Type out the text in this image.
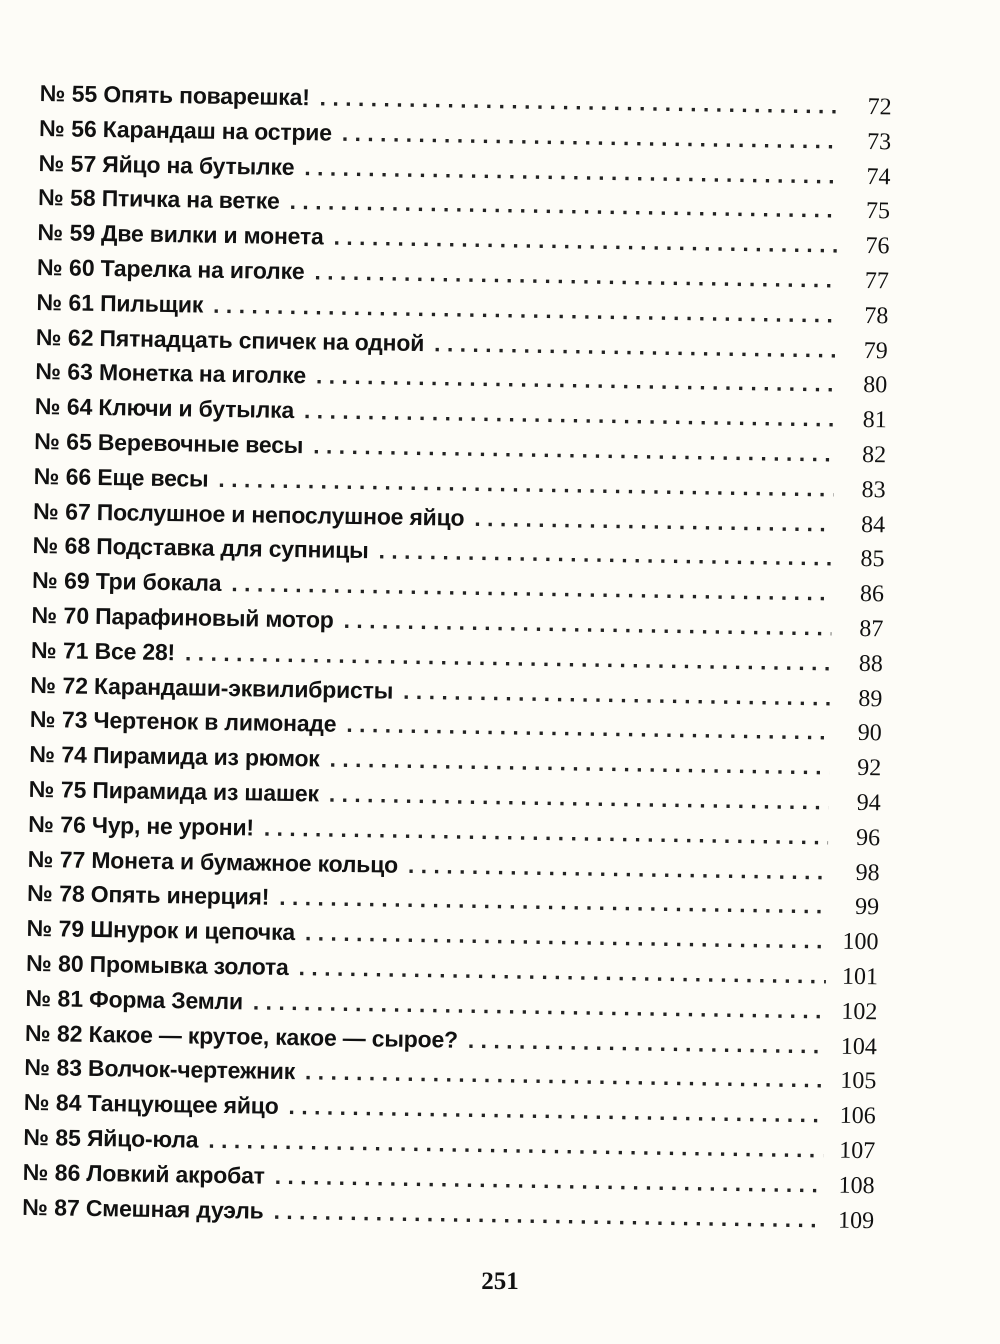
№ 55 Опять поварешка! . . .	72
№ 56 Карандаш на острие . . .	73
№ 57 Яйцо на бутылке . . .	74
№ 58 Птичка на ветке . . .	75
№ 59 Две вилки и монета . . .	76
№ 60 Тарелка на иголке . . .	77
№ 61 Пильщик . . .	78
№ 62 Пятнадцать спичек на одной . . .	79
№ 63 Монетка на иголке . . .	80
№ 64 Ключи и бутылка . . .	81
№ 65 Веревочные весы . . .	82
№ 66 Еще весы . . .	83
№ 67 Послушное и непослушное яйцо . . .	84
№ 68 Подставка для супницы . . .	85
№ 69 Три бокала . . .	86
№ 70 Парафиновый мотор . . .	87
№ 71 Все 28! . . .	88
№ 72 Карандаши-эквилибристы . . .	89
№ 73 Чертенок в лимонаде . . .	90
№ 74 Пирамида из рюмок . . .	92
№ 75 Пирамида из шашек . . .	94
№ 76 Чур, не урони! . . .	96
№ 77 Монета и бумажное кольцо . . .	98
№ 78 Опять инерция! . . .	99
№ 79 Шнурок и цепочка . . .	100
№ 80 Промывка золота . . .	101
№ 81 Форма Земли . . .	102
№ 82 Какое — крутое, какое — сырое? . . .	104
№ 83 Волчок-чертежник . . .	105
№ 84 Танцующее яйцо . . .	106
№ 85 Яйцо-юла . . .	107
№ 86 Ловкий акробат . . .	108
№ 87 Смешная дуэль . . .	109
251
